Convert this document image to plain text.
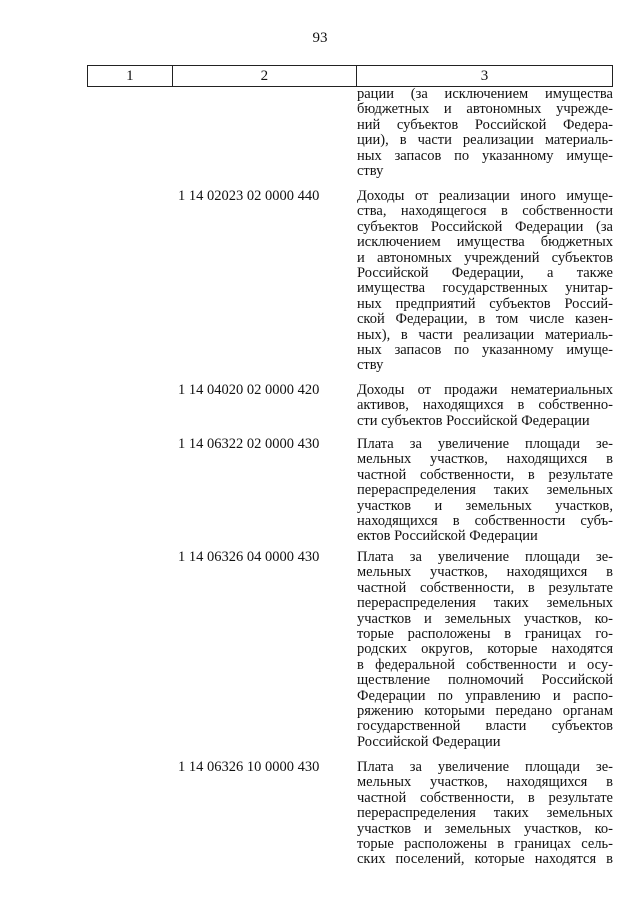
93
1	2	3
рации (за исключением имущества
бюджетных и автономных учрежде-
ний субъектов Российской Федера-
ции), в части реализации материаль-
ных запасов по указанному имуще-
ству
1 14 02023 02 0000 440	Доходы от реализации иного имуще-
ства, находящегося в собственности
субъектов Российской Федерации (за
исключением имущества бюджетных
и автономных учреждений субъектов
Российской Федерации, а также
имущества государственных унитар-
ных предприятий субъектов Россий-
ской Федерации, в том числе казен-
ных), в части реализации материаль-
ных запасов по указанному имуще-
ству
1 14 04020 02 0000 420	Доходы от продажи нематериальных
активов, находящихся в собственно-
сти субъектов Российской Федерации
1 14 06322 02 0000 430	Плата за увеличение площади зе-
мельных участков, находящихся в
частной собственности, в результате
перераспределения таких земельных
участков и земельных участков,
находящихся в собственности субъ-
ектов Российской Федерации
1 14 06326 04 0000 430	Плата за увеличение площади зе-
мельных участков, находящихся в
частной собственности, в результате
перераспределения таких земельных
участков и земельных участков, ко-
торые расположены в границах го-
родских округов, которые находятся
в федеральной собственности и осу-
ществление полномочий Российской
Федерации по управлению и распо-
ряжению которыми передано органам
государственной власти субъектов
Российской Федерации
1 14 06326 10 0000 430	Плата за увеличение площади зе-
мельных участков, находящихся в
частной собственности, в результате
перераспределения таких земельных
участков и земельных участков, ко-
торые расположены в границах сель-
ских поселений, которые находятся в
